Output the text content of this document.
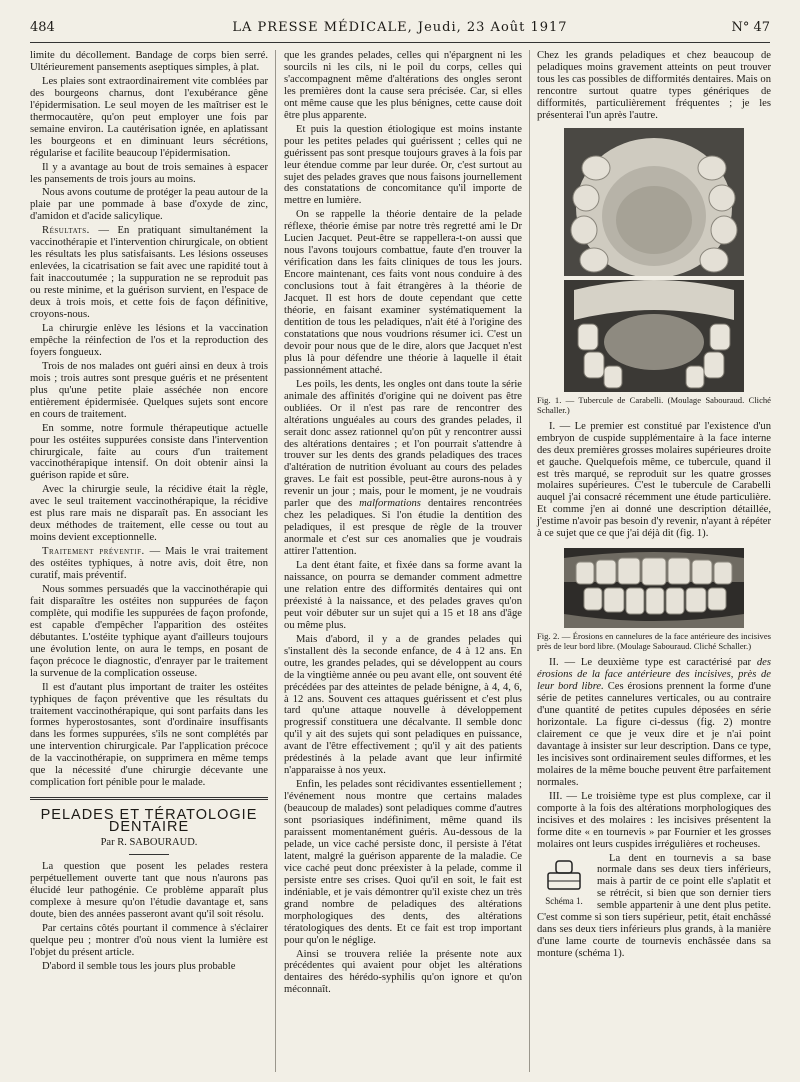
484	LA PRESSE MÉDICALE, Jeudi, 23 Août 1917	N° 47

limite du décollement. Bandage de corps bien serré. Ultérieurement pansements aseptiques simples, à plat.

Les plaies sont extraordinairement vite comblées par des bourgeons charnus, dont l'exubérance gêne l'épidermisation. Le seul moyen de les maîtriser est le thermocautère, qu'on peut employer une fois par semaine environ. La cautérisation ignée, en aplatissant les bourgeons et en diminuant leurs sécrétions, régularise et facilite beaucoup l'épidermisation.

Il y a avantage au bout de trois semaines à espacer les pansements de trois jours au moins.

Nous avons coutume de protéger la peau autour de la plaie par une pommade à base d'oxyde de zinc, d'amidon et d'acide salicylique.

Résultats. — En pratiquant simultanément la vaccinothérapie et l'intervention chirurgicale, on obtient les résultats les plus satisfaisants. Les lésions osseuses enlevées, la cicatrisation se fait avec une rapidité tout à fait inaccoutumée ; la suppuration ne se reproduit pas ou reste minime, et la guérison survient, en l'espace de deux à trois mois, et cette fois de façon définitive, croyons-nous.

La chirurgie enlève les lésions et la vaccination empêche la réinfection de l'os et la reproduction des foyers fongueux.

Trois de nos malades ont guéri ainsi en deux à trois mois ; trois autres sont presque guéris et ne présentent plus qu'une petite plaie asséchée non encore entièrement épidermisée. Quelques sujets sont encore en cours de traitement.

En somme, notre formule thérapeutique actuelle pour les ostéites suppurées consiste dans l'intervention chirurgicale, faite au cours d'un traitement vaccinothérapique intensif. On doit obtenir ainsi la guérison rapide et sûre.

Avec la chirurgie seule, la récidive était la règle, avec le seul traitement vaccinothérapique, la récidive est plus rare mais ne disparaît pas. En associant les deux méthodes de traitement, elle cesse ou tout au moins devient exceptionnelle.

Traitement préventif. — Mais le vrai traitement des ostéites typhiques, à notre avis, doit être, non curatif, mais préventif.

Nous sommes persuadés que la vaccinothérapie qui fait disparaître les ostéites non suppurées de façon complète, qui modifie les suppurées de façon profonde, est capable d'empêcher l'apparition des ostéites débutantes. L'ostéite typhique ayant d'ailleurs toujours une évolution lente, on aura le temps, en posant de façon précoce le diagnostic, d'enrayer par le traitement la survenue de la complication osseuse.

Il est d'autant plus important de traiter les ostéites typhiques de façon préventive que les résultats du traitement vaccinothérapique, qui sont parfaits dans les formes hyperostosantes, sont d'ordinaire insuffisants dans les formes suppurées, s'ils ne sont complétés par une intervention chirurgicale. Par l'application précoce de la vaccinothérapie, on supprimera en même temps que la nécessité d'une chirurgie décevante une complication fort pénible pour le malade.

PELADES ET TÉRATOLOGIE DENTAIRE
Par R. SABOURAUD.

La question que posent les pelades restera perpétuellement ouverte tant que nous n'aurons pas élucidé leur pathogénie. Ce problème apparaît plus complexe à mesure qu'on l'étudie davantage et, sans doute, bien des années passeront avant qu'il soit résolu.

Par certains côtés pourtant il commence à s'éclairer quelque peu ; montrer d'où nous vient la lumière est l'objet du présent article.

D'abord il semble tous les jours plus probable

que les grandes pelades, celles qui n'épargnent ni les sourcils ni les cils, ni le poil du corps, celles qui s'accompagnent même d'altérations des ongles seront les premières dont la cause sera précisée. Car, si elles ont même cause que les plus bénignes, cette cause doit être plus apparente.

Et puis la question étiologique est moins instante pour les petites pelades qui guérissent ; celles qui ne guérissent pas sont presque toujours graves à la fois par leur étendue comme par leur durée. Or, c'est surtout au sujet des pelades graves que nous faisons journellement des constatations de concomitance qu'il importe de mettre en lumière.

On se rappelle la théorie dentaire de la pelade réflexe, théorie émise par notre très regretté ami le Dr Lucien Jacquet. Peut-être se rappellera-t-on aussi que nous l'avons toujours combattue, faute d'en trouver la vérification dans les faits cliniques de tous les jours. Encore maintenant, ces faits vont nous conduire à des conclusions tout à fait étrangères à la théorie de Jacquet. Il est hors de doute cependant que cette théorie, en faisant examiner systématiquement la dentition de tous les peladiques, n'ait été à l'origine des constatations que nous voudrions résumer ici. C'est un devoir pour nous que de le dire, alors que Jacquet n'est plus là pour défendre une théorie à laquelle il était passionnément attaché.

Les poils, les dents, les ongles ont dans toute la série animale des affinités d'origine qui ne doivent pas être oubliées. Or il n'est pas rare de rencontrer des altérations unguéales au cours des grandes pelades, il serait donc assez rationnel qu'on pût y rencontrer aussi des altérations dentaires ; et l'on pourrait s'attendre à trouver sur les dents des grands peladiques des traces d'altération de nutrition évoluant au cours des pelades graves. Le fait est possible, peut-être aurons-nous à y revenir un jour ; mais, pour le moment, je ne voudrais parler que des malformations dentaires rencontrées chez les peladiques. Si l'on étudie la dentition des peladiques, il est presque de règle de la trouver anormale et c'est sur ces anomalies que je voudrais attirer l'attention.

La dent étant faite, et fixée dans sa forme avant la naissance, on pourra se demander comment admettre une relation entre des difformités dentaires qui ont préexisté à la naissance, et des pelades graves qu'on peut voir débuter sur un sujet qui a 15 et 18 ans d'âge ou même plus.

Mais d'abord, il y a de grandes pelades qui s'installent dès la seconde enfance, de 4 à 12 ans. En outre, les grandes pelades, qui se développent au cours de la vingtième année ou peu avant elle, ont souvent été précédées par des atteintes de pelade bénigne, à 4, 4, 6, à 12 ans. Souvent ces attaques guérissent et c'est plus tard qu'une attaque nouvelle à développement progressif constituera une décalvante. Il semble donc qu'il y ait des sujets qui sont peladiques en puissance, avant de l'être effectivement ; qu'il y ait des patients prédestinés à la pelade avant que leur infirmité n'apparaisse à nos yeux.

Enfin, les pelades sont récidivantes essentiellement ; l'événement nous montre que certains malades (beaucoup de malades) sont peladiques comme d'autres sont psoriasiques indéfiniment, même quand ils paraissent momentanément guéris. Au-dessous de la pelade, un vice caché persiste donc, il persiste à l'état latent, malgré la guérison apparente de la maladie. Ce vice caché peut donc préexister à la pelade, comme il persiste entre ses crises. Quoi qu'il en soit, le fait est indéniable, et je vais démontrer qu'il existe chez un très grand nombre de peladiques des altérations morphologiques des dents, des altérations tératologiques des dents. Et ce fait est trop important pour qu'on le néglige.

Ainsi se trouvera reliée la présente note aux précédentes qui avaient pour objet les altérations dentaires des hérédo-syphilis qu'on ignore et qu'on méconnaît.

Chez les grands peladiques et chez beaucoup de peladiques moins gravement atteints on peut trouver tous les cas possibles de difformités dentaires. Mais on rencontre surtout quatre types génériques de difformités, particulièrement fréquentes ; je les présenterai l'un après l'autre.

Fig. 1. — Tubercule de Carabelli. (Moulage Sabouraud. Cliché Schaller.)

I. — Le premier est constitué par l'existence d'un embryon de cuspide supplémentaire à la face interne des deux premières grosses molaires supérieures droite et gauche. Quelquefois même, ce tubercule, quand il est très marqué, se reproduit sur les quatre grosses molaires supérieures. C'est le tubercule de Carabelli auquel j'ai consacré récemment une étude particulière. Et comme j'en ai donné une description détaillée, j'estime n'avoir pas besoin d'y revenir, n'ayant à répéter à ce sujet que ce que j'ai déjà dit (fig. 1).

Fig. 2. — Érosions en cannelures de la face antérieure des incisives près de leur bord libre. (Moulage Sabouraud. Cliché Schaller.)

II. — Le deuxième type est caractérisé par des érosions de la face antérieure des incisives, près de leur bord libre. Ces érosions prennent la forme d'une série de petites cannelures verticales, ou au contraire d'une quantité de petites cupules déposées en série horizontale. La figure ci-dessus (fig. 2) montre clairement ce que je veux dire et je n'ai point davantage à insister sur leur description. Dans ce type, les incisives sont ordinairement seules difformes, et les molaires de la même bouche peuvent être parfaitement normales.

III. — Le troisième type est plus complexe, car il comporte à la fois des altérations morphologiques des incisives et des molaires : les incisives présentent la forme dite « en tournevis » par Fournier et les grosses molaires ont leurs cuspides irrégulières et rocheuses.

Schéma 1.

La dent en tournevis a sa base normale dans ses deux tiers inférieurs, mais à partir de ce point elle s'aplatit et se rétrécit, si bien que son dernier tiers semble appartenir à une dent plus petite. C'est comme si son tiers supérieur, petit, était enchâssé dans ses deux tiers inférieurs plus grands, à la manière d'une lame courte de tournevis enchâssée dans sa monture (schéma 1).
